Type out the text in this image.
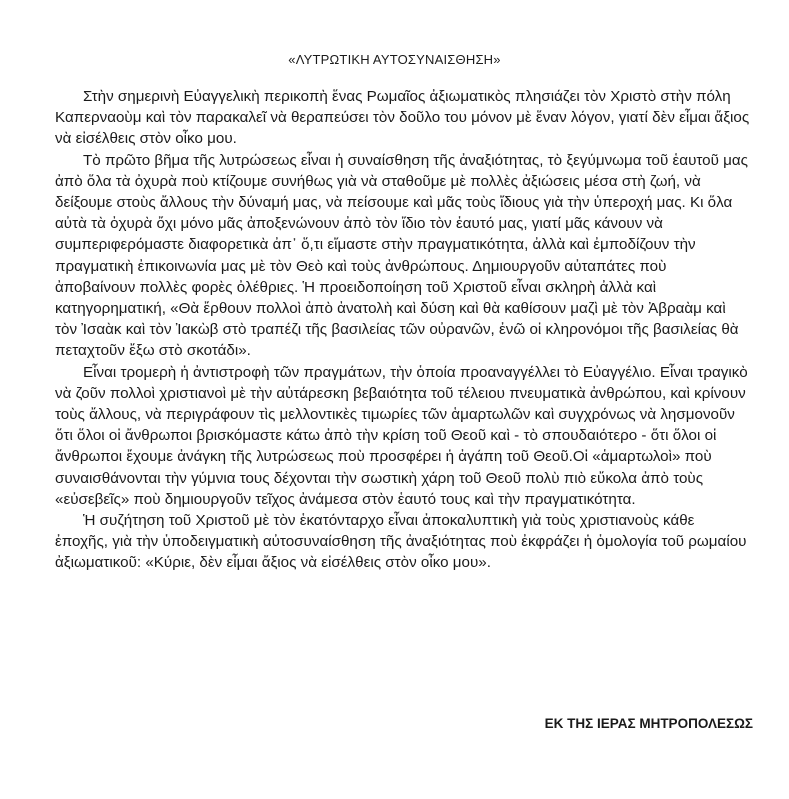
«ΛΥΤΡΩΤΙΚΗ ΑΥΤΟΣΥΝΑΙΣΘΗΣΗ»

Στὴν σημερινὴ Εὐαγγελικὴ περικοπὴ ἕνας Ρωμαῖος ἀξιωματικὸς πλησιάζει τὸν Χριστὸ στὴν πόλη Καπερναοὺμ καὶ τὸν παρακαλεῖ νὰ θεραπεύσει τὸν δοῦλο του μόνον μὲ ἕναν λόγον, γιατί δὲν εἶμαι ἄξιος νὰ εἰσέλθεις στὸν οἶκο μου.

Τὸ πρῶτο βῆμα τῆς λυτρώσεως εἶναι ἡ συναίσθηση τῆς ἀναξιότητας, τὸ ξεγύμνωμα τοῦ ἑαυτοῦ μας ἀπὸ ὅλα τὰ ὀχυρὰ ποὺ κτίζουμε συνήθως γιὰ νὰ σταθοῦμε μὲ πολλὲς ἀξιώσεις μέσα στὴ ζωή, νὰ δείξουμε στοὺς ἄλλους τὴν δύναμή μας, νὰ πείσουμε καὶ μᾶς τοὺς ἴδιους γιὰ τὴν ὑπεροχή μας. Κι ὅλα αὐτὰ τὰ ὀχυρὰ ὄχι μόνο μᾶς ἀποξενώνουν ἀπὸ τὸν ἴδιο τὸν ἑαυτό μας, γιατί μᾶς κάνουν νὰ συμπεριφερόμαστε διαφορετικὰ ἀπ᾽ ὅ,τι εἴμαστε στὴν πραγματικότητα, ἀλλὰ καὶ ἐμποδίζουν τὴν πραγματικὴ ἐπικοινωνία μας μὲ τὸν Θεὸ καὶ τοὺς ἀνθρώπους. Δημιουργοῦν αὐταπάτες ποὺ ἀποβαίνουν πολλὲς φορὲς ὀλέθριες. Ἡ προειδοποίηση τοῦ Χριστοῦ εἶναι σκληρὴ ἀλλὰ καὶ κατηγορηματική, «Θὰ ἔρθουν πολλοὶ ἀπὸ ἀνατολὴ καὶ δύση καὶ θὰ καθίσουν μαζὶ μὲ τὸν Ἀβραὰμ καὶ τὸν Ἰσαὰκ καὶ τὸν Ἰακὼβ στὸ τραπέζι τῆς βασιλείας τῶν οὐρανῶν, ἐνῶ οἱ κληρονόμοι τῆς βασιλείας θὰ πεταχτοῦν ἔξω στὸ σκοτάδι».

Εἶναι τρομερὴ ἡ ἀντιστροφὴ τῶν πραγμάτων, τὴν ὁποία προαναγγέλλει τὸ Εὐαγγέλιο. Εἶναι τραγικὸ νὰ ζοῦν πολλοὶ χριστιανοὶ μὲ τὴν αὐτάρεσκη βεβαιότητα τοῦ τέλειου πνευματικὰ ἀνθρώπου, καὶ κρίνουν τοὺς ἄλλους, νὰ περιγράφουν τὶς μελλοντικὲς τιμωρίες τῶν ἁμαρτωλῶν καὶ συγχρόνως νὰ λησμονοῦν ὅτι ὅλοι οἱ ἄνθρωποι βρισκόμαστε κάτω ἀπὸ τὴν κρίση τοῦ Θεοῦ καὶ - τὸ σπουδαιότερο - ὅτι ὅλοι οἱ ἄνθρωποι ἔχουμε ἀνάγκη τῆς λυτρώσεως ποὺ προσφέρει ἡ ἀγάπη τοῦ Θεοῦ.Οἱ «ἁμαρτωλοὶ» ποὺ συναισθάνονται τὴν γύμνια τους δέχονται τὴν σωστικὴ χάρη τοῦ Θεοῦ πολὺ πιὸ εὔκολα ἀπὸ τοὺς «εὐσεβεῖς» ποὺ δημιουργοῦν τεῖχος ἀνάμεσα στὸν ἑαυτό τους καὶ τὴν πραγματικότητα.

Ἡ συζήτηση τοῦ Χριστοῦ μὲ τὸν ἑκατόνταρχο εἶναι ἀποκαλυπτικὴ γιὰ τοὺς χριστιανοὺς κάθε ἐποχῆς, γιὰ τὴν ὑποδειγματικὴ αὐτοσυναίσθηση τῆς ἀναξιότητας ποὺ ἐκφράζει ἡ ὁμολογία τοῦ ρωμαίου ἀξιωματικοῦ: «Κύριε, δὲν εἶμαι ἄξιος νὰ εἰσέλθεις στὸν οἶκο μου».

ΕΚ ΤΗΣ ΙΕΡΑΣ ΜΗΤΡΟΠΟΛΕΣΩΣ
